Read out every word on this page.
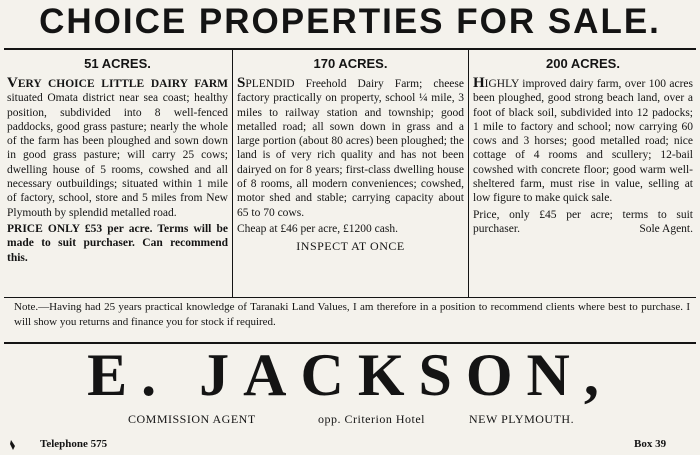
CHOICE PROPERTIES FOR SALE.
51 ACRES.
VERY CHOICE LITTLE DAIRY FARM situated Omata district near sea coast; healthy position, subdivided into 8 well-fenced paddocks, good grass pasture; nearly the whole of the farm has been ploughed and sown down in good grass pasture; will carry 25 cows; dwelling house of 5 rooms, cowshed and all necessary outbuildings; situated within 1 mile of factory, school, store and 5 miles from New Plymouth by splendid metalled road.
PRICE ONLY £53 per acre. Terms will be made to suit purchaser. Can recommend this.
170 ACRES.
SPLENDID Freehold Dairy Farm; cheese factory practically on property, school ¼ mile, 3 miles to railway station and township; good metalled road; all sown down in grass and a large portion (about 80 acres) been ploughed; the land is of very rich quality and has not been dairyed on for 8 years; first-class dwelling house of 8 rooms, all modern conveniences; cowshed, motor shed and stable; carrying capacity about 65 to 70 cows.
Cheap at £46 per acre, £1200 cash.
INSPECT AT ONCE
200 ACRES.
HIGHLY improved dairy farm, over 100 acres been ploughed, good strong beach land, over a foot of black soil, subdivided into 12 padocks; 1 mile to factory and school; now carrying 60 cows and 3 horses; good metalled road; nice cottage of 4 rooms and scullery; 12-bail cowshed with concrete floor; good warm well-sheltered farm, must rise in value, selling at low figure to make quick sale.
Price, only £45 per acre; terms to suit purchaser.	Sole Agent.
Note.—Having had 25 years practical knowledge of Taranaki Land Values, I am therefore in a position to recommend clients where best to purchase. I will show you returns and finance you for stock if required.
E. JACKSON,
COMMISSION AGENT	opp. Criterion Hotel	NEW PLYMOUTH.
Telephone 575	Box 39
